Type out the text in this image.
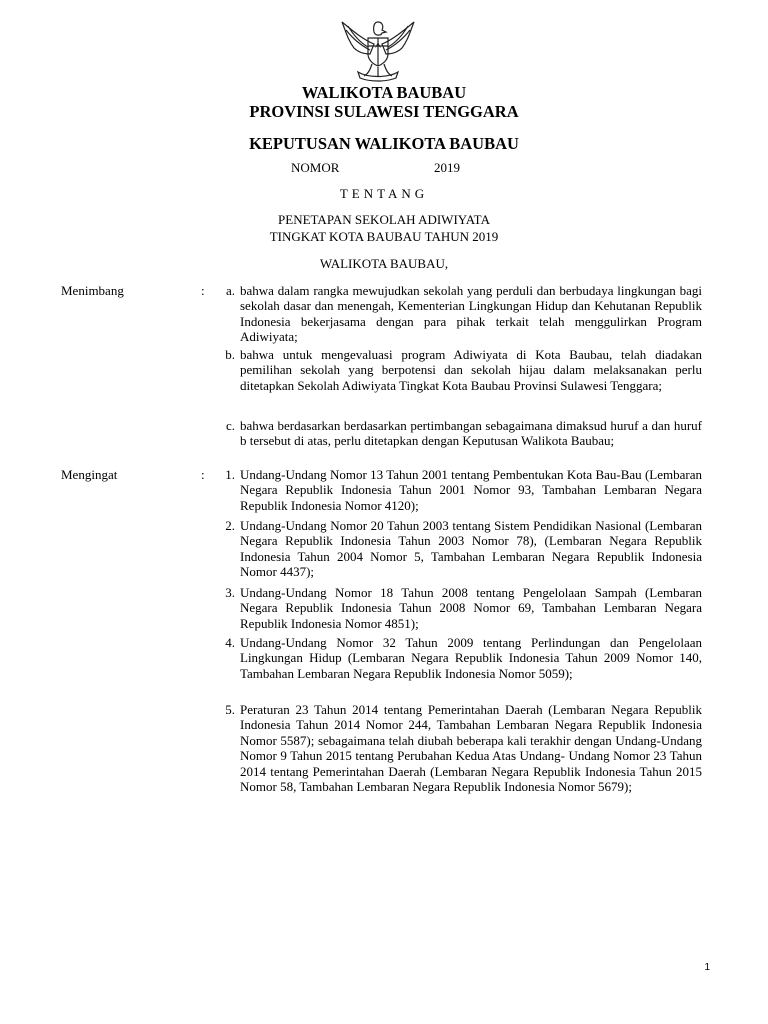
WALIKOTA BAUBAU
PROVINSI SULAWESI TENGGARA
KEPUTUSAN WALIKOTA BAUBAU
NOMOR	2019
TENTANG
PENETAPAN SEKOLAH ADIWIYATA
TINGKAT KOTA BAUBAU TAHUN 2019
WALIKOTA BAUBAU,
Menimbang	:	a. bahwa dalam rangka mewujudkan sekolah yang perduli dan berbudaya lingkungan bagi sekolah dasar dan menengah, Kementerian Lingkungan Hidup dan Kehutanan Republik Indonesia bekerjasama dengan para pihak terkait telah menggulirkan Program Adiwiyata;
b. bahwa untuk mengevaluasi program Adiwiyata di Kota Baubau, telah diadakan pemilihan sekolah yang berpotensi dan sekolah hijau dalam melaksanakan perlu ditetapkan Sekolah Adiwiyata Tingkat Kota Baubau Provinsi Sulawesi Tenggara;
c. bahwa berdasarkan berdasarkan pertimbangan sebagaimana dimaksud huruf a dan huruf b tersebut di atas, perlu ditetapkan dengan Keputusan Walikota Baubau;
Mengingat	:	1. Undang-Undang Nomor 13 Tahun 2001 tentang Pembentukan Kota Bau-Bau (Lembaran Negara Republik Indonesia Tahun 2001 Nomor 93, Tambahan Lembaran Negara Republik Indonesia Nomor 4120);
2. Undang-Undang Nomor 20 Tahun 2003 tentang Sistem Pendidikan Nasional (Lembaran Negara Republik Indonesia Tahun 2003 Nomor 78), (Lembaran Negara Republik Indonesia Tahun 2004 Nomor 5, Tambahan Lembaran Negara Republik Indonesia Nomor 4437);
3. Undang-Undang Nomor 18 Tahun 2008 tentang Pengelolaan Sampah (Lembaran Negara Republik Indonesia Tahun 2008 Nomor 69, Tambahan Lembaran Negara Republik Indonesia Nomor 4851);
4. Undang-Undang Nomor 32 Tahun 2009 tentang Perlindungan dan Pengelolaan Lingkungan Hidup (Lembaran Negara Republik Indonesia Tahun 2009 Nomor 140, Tambahan Lembaran Negara Republik Indonesia Nomor 5059);
5. Peraturan 23 Tahun 2014 tentang Pemerintahan Daerah (Lembaran Negara Republik Indonesia Tahun 2014 Nomor 244, Tambahan Lembaran Negara Republik Indonesia Nomor 5587); sebagaimana telah diubah beberapa kali terakhir dengan Undang-Undang Nomor 9 Tahun 2015 tentang Perubahan Kedua Atas Undang- Undang Nomor 23 Tahun 2014 tentang Pemerintahan Daerah (Lembaran Negara Republik Indonesia Tahun 2015 Nomor 58, Tambahan Lembaran Negara Republik Indonesia Nomor 5679);
1
